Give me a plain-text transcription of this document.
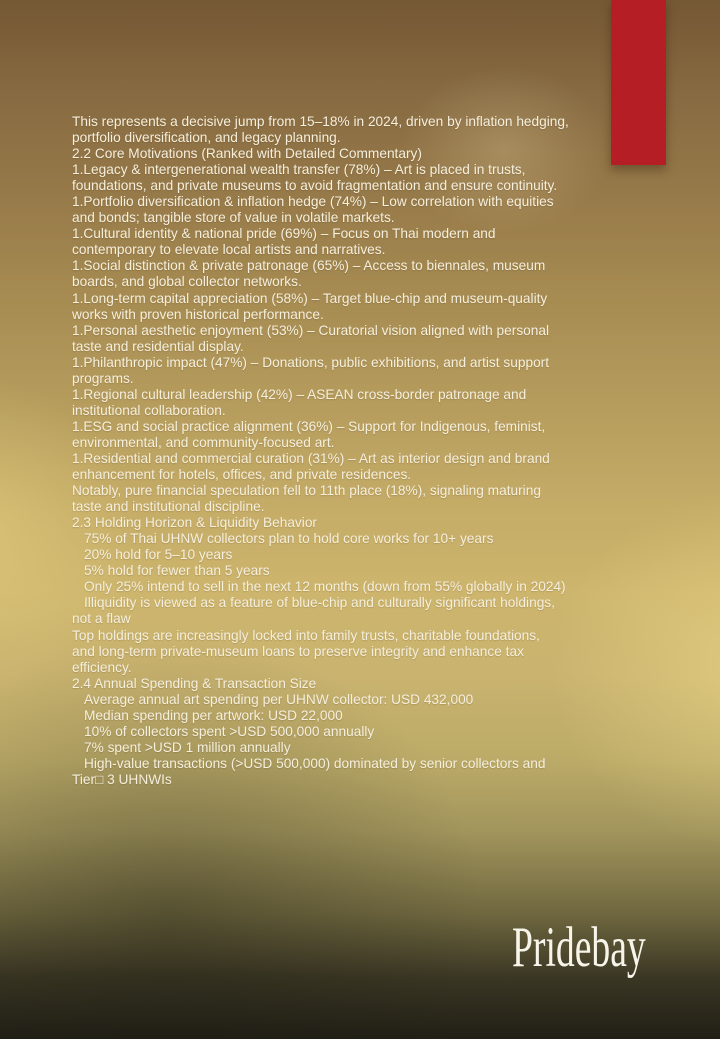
This represents a decisive jump from 15–18% in 2024, driven by inflation hedging,
portfolio diversification, and legacy planning.
2.2 Core Motivations (Ranked with Detailed Commentary)
1.Legacy & intergenerational wealth transfer (78%) – Art is placed in trusts,
foundations, and private museums to avoid fragmentation and ensure continuity.
1.Portfolio diversification & inflation hedge (74%) – Low correlation with equities
and bonds; tangible store of value in volatile markets.
1.Cultural identity & national pride (69%) – Focus on Thai modern and
contemporary to elevate local artists and narratives.
1.Social distinction & private patronage (65%) – Access to biennales, museum
boards, and global collector networks.
1.Long-term capital appreciation (58%) – Target blue-chip and museum-quality
works with proven historical performance.
1.Personal aesthetic enjoyment (53%) – Curatorial vision aligned with personal
taste and residential display.
1.Philanthropic impact (47%) – Donations, public exhibitions, and artist support
programs.
1.Regional cultural leadership (42%) – ASEAN cross-border patronage and
institutional collaboration.
1.ESG and social practice alignment (36%) – Support for Indigenous, feminist,
environmental, and community-focused art.
1.Residential and commercial curation (31%) – Art as interior design and brand
enhancement for hotels, offices, and private residences.
Notably, pure financial speculation fell to 11th place (18%), signaling maturing
taste and institutional discipline.
2.3 Holding Horizon & Liquidity Behavior
75% of Thai UHNW collectors plan to hold core works for 10+ years
20% hold for 5–10 years
5% hold for fewer than 5 years
Only 25% intend to sell in the next 12 months (down from 55% globally in 2024)
Illiquidity is viewed as a feature of blue-chip and culturally significant holdings,
not a flaw
Top holdings are increasingly locked into family trusts, charitable foundations,
and long-term private-museum loans to preserve integrity and enhance tax
efficiency.
2.4 Annual Spending & Transaction Size
Average annual art spending per UHNW collector: USD 432,000
Median spending per artwork: USD 22,000
10% of collectors spent >USD 500,000 annually
7% spent >USD 1 million annually
High-value transactions (>USD 500,000) dominated by senior collectors and
Tier□ 3 UHNWIs
Pridebay
